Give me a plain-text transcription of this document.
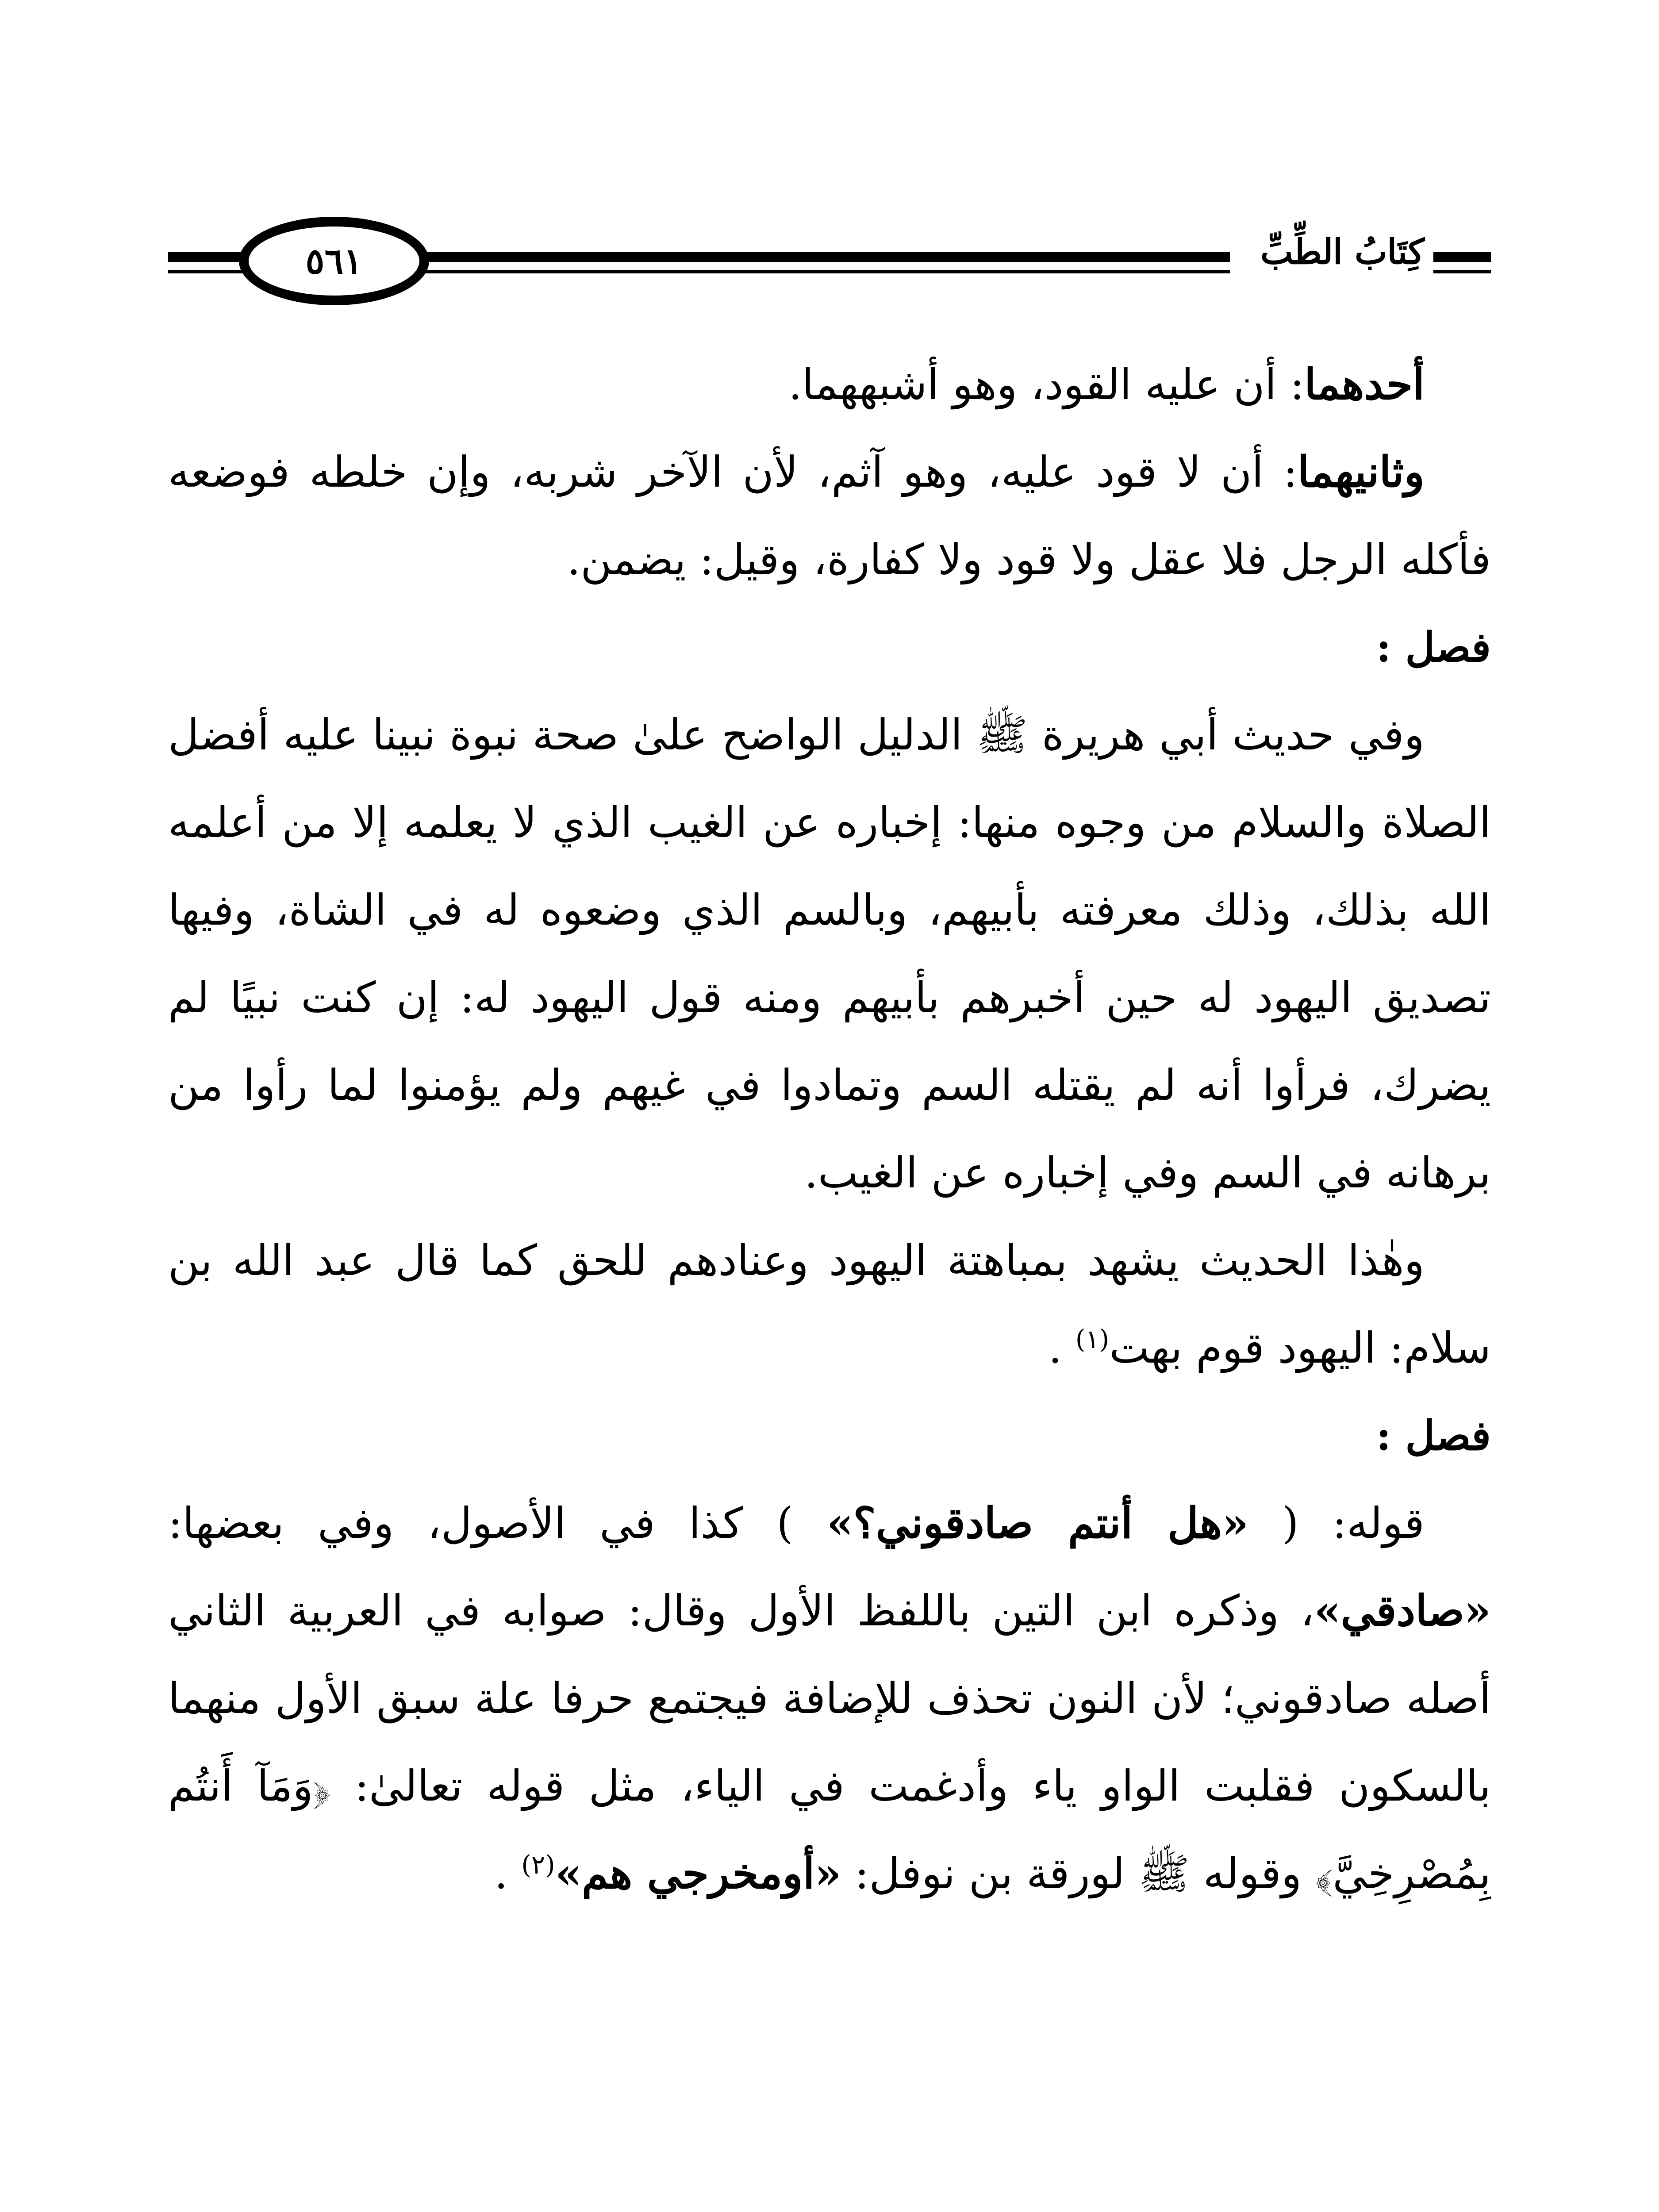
كِتَابُ الطِّبِّ
٥٦١

أحدهما: أن عليه القود، وهو أشبههما.

وثانيهما: أن لا قود عليه، وهو آثم، لأن الآخر شربه، وإن خلطه فوضعه فأكله الرجل فلا عقل ولا قود ولا كفارة، وقيل: يضمن.

فصل :

وفي حديث أبي هريرة ﷺ الدليل الواضح علىٰ صحة نبوة نبينا عليه أفضل الصلاة والسلام من وجوه منها: إخباره عن الغيب الذي لا يعلمه إلا من أعلمه الله بذلك، وذلك معرفته بأبيهم، وبالسم الذي وضعوه له في الشاة، وفيها تصديق اليهود له حين أخبرهم بأبيهم ومنه قول اليهود له: إن كنت نبيًا لم يضرك، فرأوا أنه لم يقتله السم وتمادوا في غيهم ولم يؤمنوا لما رأوا من برهانه في السم وفي إخباره عن الغيب.

وهٰذا الحديث يشهد بمباهتة اليهود وعنادهم للحق كما قال عبد الله بن سلام: اليهود قوم بهت$^{(١)}$ .

فصل :

قوله: ( «هل أنتم صادقوني؟» ) كذا في الأصول، وفي بعضها: «صادقي»، وذكره ابن التين باللفظ الأول وقال: صوابه في العربية الثاني أصله صادقوني؛ لأن النون تحذف للإضافة فيجتمع حرفا علة سبق الأول منهما بالسكون فقلبت الواو ياء وأدغمت في الياء، مثل قوله تعالىٰ: ﴿وَمَآ أَنتُم بِمُصْرِخِيَّ﴾ وقوله ﷺ لورقة بن نوفل: «أومخرجي هم»$^{(٢)}$ .
